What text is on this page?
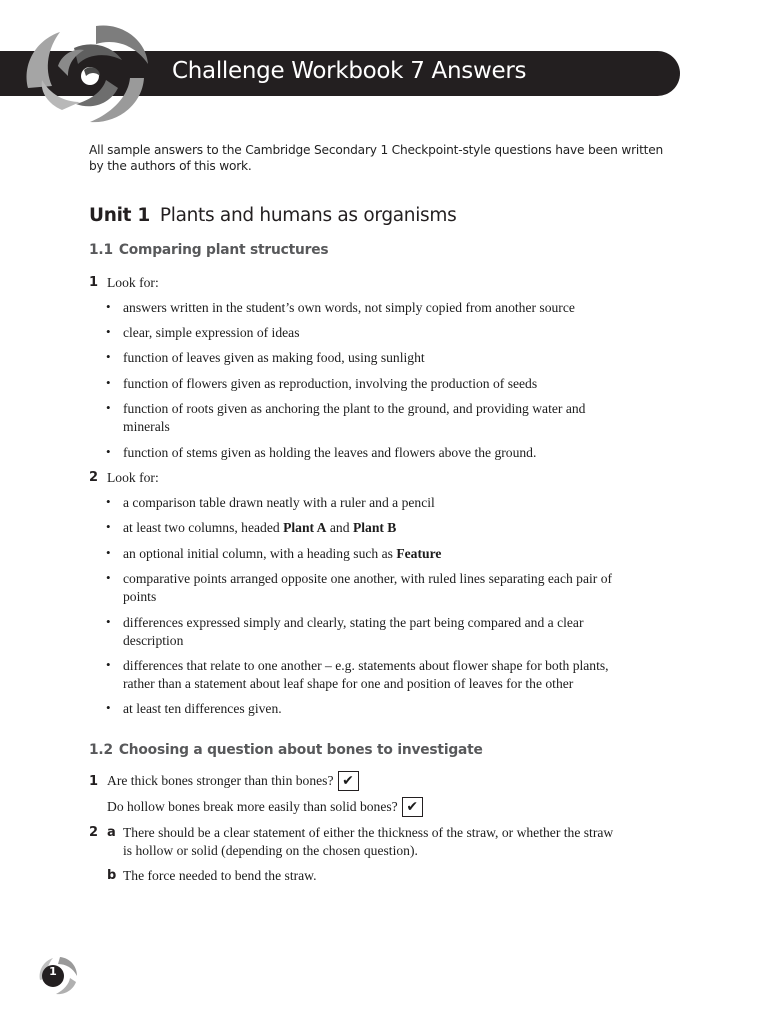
Challenge Workbook 7 Answers
All sample answers to the Cambridge Secondary 1 Checkpoint-style questions have been written by the authors of this work.
Unit 1 Plants and humans as organisms
1.1 Comparing plant structures
1 Look for:
• answers written in the student’s own words, not simply copied from another source
• clear, simple expression of ideas
• function of leaves given as making food, using sunlight
• function of flowers given as reproduction, involving the production of seeds
• function of roots given as anchoring the plant to the ground, and providing water and
minerals
• function of stems given as holding the leaves and flowers above the ground.
2 Look for:
• a comparison table drawn neatly with a ruler and a pencil
• at least two columns, headed Plant A and Plant B
• an optional initial column, with a heading such as Feature
• comparative points arranged opposite one another, with ruled lines separating each pair of
points
• differences expressed simply and clearly, stating the part being compared and a clear
description
• differences that relate to one another – e.g. statements about flower shape for both plants,
rather than a statement about leaf shape for one and position of leaves for the other
• at least ten differences given.
1.2 Choosing a question about bones to investigate
1 Are thick bones stronger than thin bones? ✔
Do hollow bones break more easily than solid bones? ✔
2 a There should be a clear statement of either the thickness of the straw, or whether the straw
is hollow or solid (depending on the chosen question).
b The force needed to bend the straw.
1
